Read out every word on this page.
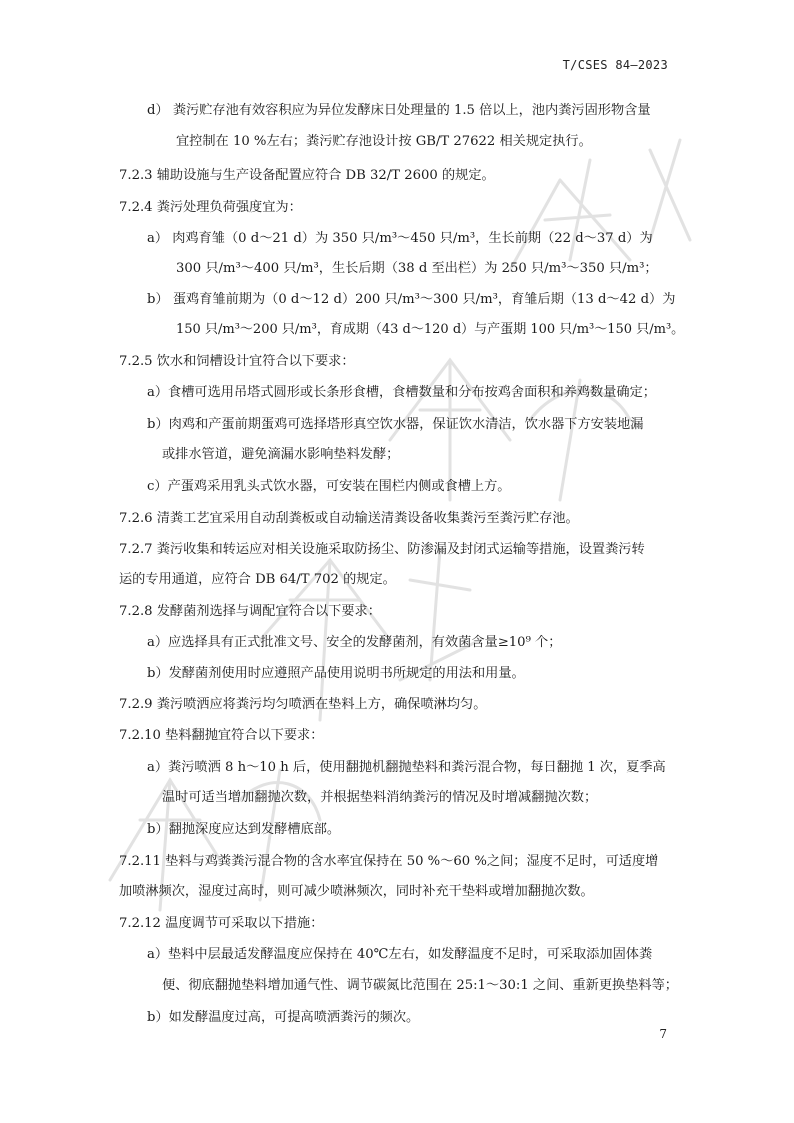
T/CSES 84—2023
d） 粪污贮存池有效容积应为异位发酵床日处理量的 1.5 倍以上，池内粪污固形物含量
宜控制在 10 %左右；粪污贮存池设计按 GB/T 27622 相关规定执行。
7.2.3 辅助设施与生产设备配置应符合 DB 32/T 2600 的规定。
7.2.4 粪污处理负荷强度宜为：
a） 肉鸡育雏（0 d～21 d）为 350 只/m³～450 只/m³，生长前期（22 d～37 d）为
300 只/m³～400 只/m³，生长后期（38 d 至出栏）为 250 只/m³～350 只/m³；
b） 蛋鸡育雏前期为（0 d～12 d）200 只/m³～300 只/m³，育雏后期（13 d～42 d）为
150 只/m³～200 只/m³，育成期（43 d～120 d）与产蛋期 100 只/m³～150 只/m³。
7.2.5 饮水和饲槽设计宜符合以下要求：
a）食槽可选用吊塔式圆形或长条形食槽，食槽数量和分布按鸡舍面积和养鸡数量确定；
b）肉鸡和产蛋前期蛋鸡可选择塔形真空饮水器，保证饮水清洁，饮水器下方安装地漏
或排水管道，避免滴漏水影响垫料发酵；
c）产蛋鸡采用乳头式饮水器，可安装在围栏内侧或食槽上方。
7.2.6 清粪工艺宜采用自动刮粪板或自动输送清粪设备收集粪污至粪污贮存池。
7.2.7 粪污收集和转运应对相关设施采取防扬尘、防渗漏及封闭式运输等措施，设置粪污转
运的专用通道，应符合 DB 64/T 702 的规定。
7.2.8 发酵菌剂选择与调配宜符合以下要求：
a）应选择具有正式批准文号、安全的发酵菌剂，有效菌含量≥10⁹ 个；
b）发酵菌剂使用时应遵照产品使用说明书所规定的用法和用量。
7.2.9 粪污喷洒应将粪污均匀喷洒在垫料上方，确保喷淋均匀。
7.2.10 垫料翻抛宜符合以下要求：
a）粪污喷洒 8 h～10 h 后，使用翻抛机翻抛垫料和粪污混合物，每日翻抛 1 次，夏季高
温时可适当增加翻抛次数，并根据垫料消纳粪污的情况及时增减翻抛次数；
b）翻抛深度应达到发酵槽底部。
7.2.11 垫料与鸡粪粪污混合物的含水率宜保持在 50 %～60 %之间；湿度不足时，可适度增
加喷淋频次，湿度过高时，则可减少喷淋频次，同时补充干垫料或增加翻抛次数。
7.2.12 温度调节可采取以下措施：
a）垫料中层最适发酵温度应保持在 40℃左右，如发酵温度不足时，可采取添加固体粪
便、彻底翻抛垫料增加通气性、调节碳氮比范围在 25:1～30:1 之间、重新更换垫料等；
b）如发酵温度过高，可提高喷洒粪污的频次。
7
